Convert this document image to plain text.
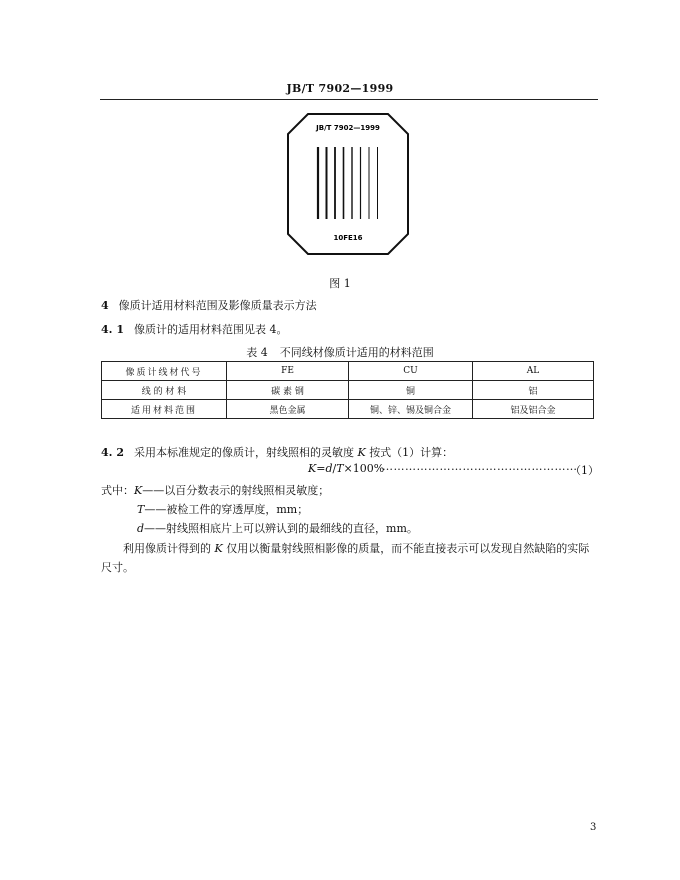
JB/T 7902—1999
JB/T 7902—1999
10FE16
图 1
4 像质计适用材料范围及影像质量表示方法
4. 1 像质计的适用材料范围见表 4。
表 4 不同线材像质计适用的材料范围
像质计线材代号	FE	CU	AL
线 的 材 料	碳 素 钢	铜	铝
适用材料范围	黑色金属	铜、锌、锡及铜合金	铝及铝合金
4. 2 采用本标准规定的像质计，射线照相的灵敏度 K 按式（1）计算：
K=d/T×100%
……………………………………………
（1）
式中：K——以百分数表示的射线照相灵敏度；
T——被检工件的穿透厚度，mm；
d——射线照相底片上可以辨认到的最细线的直径，mm。
利用像质计得到的 K 仅用以衡量射线照相影像的质量，而不能直接表示可以发现自然缺陷的实际尺寸。
3
